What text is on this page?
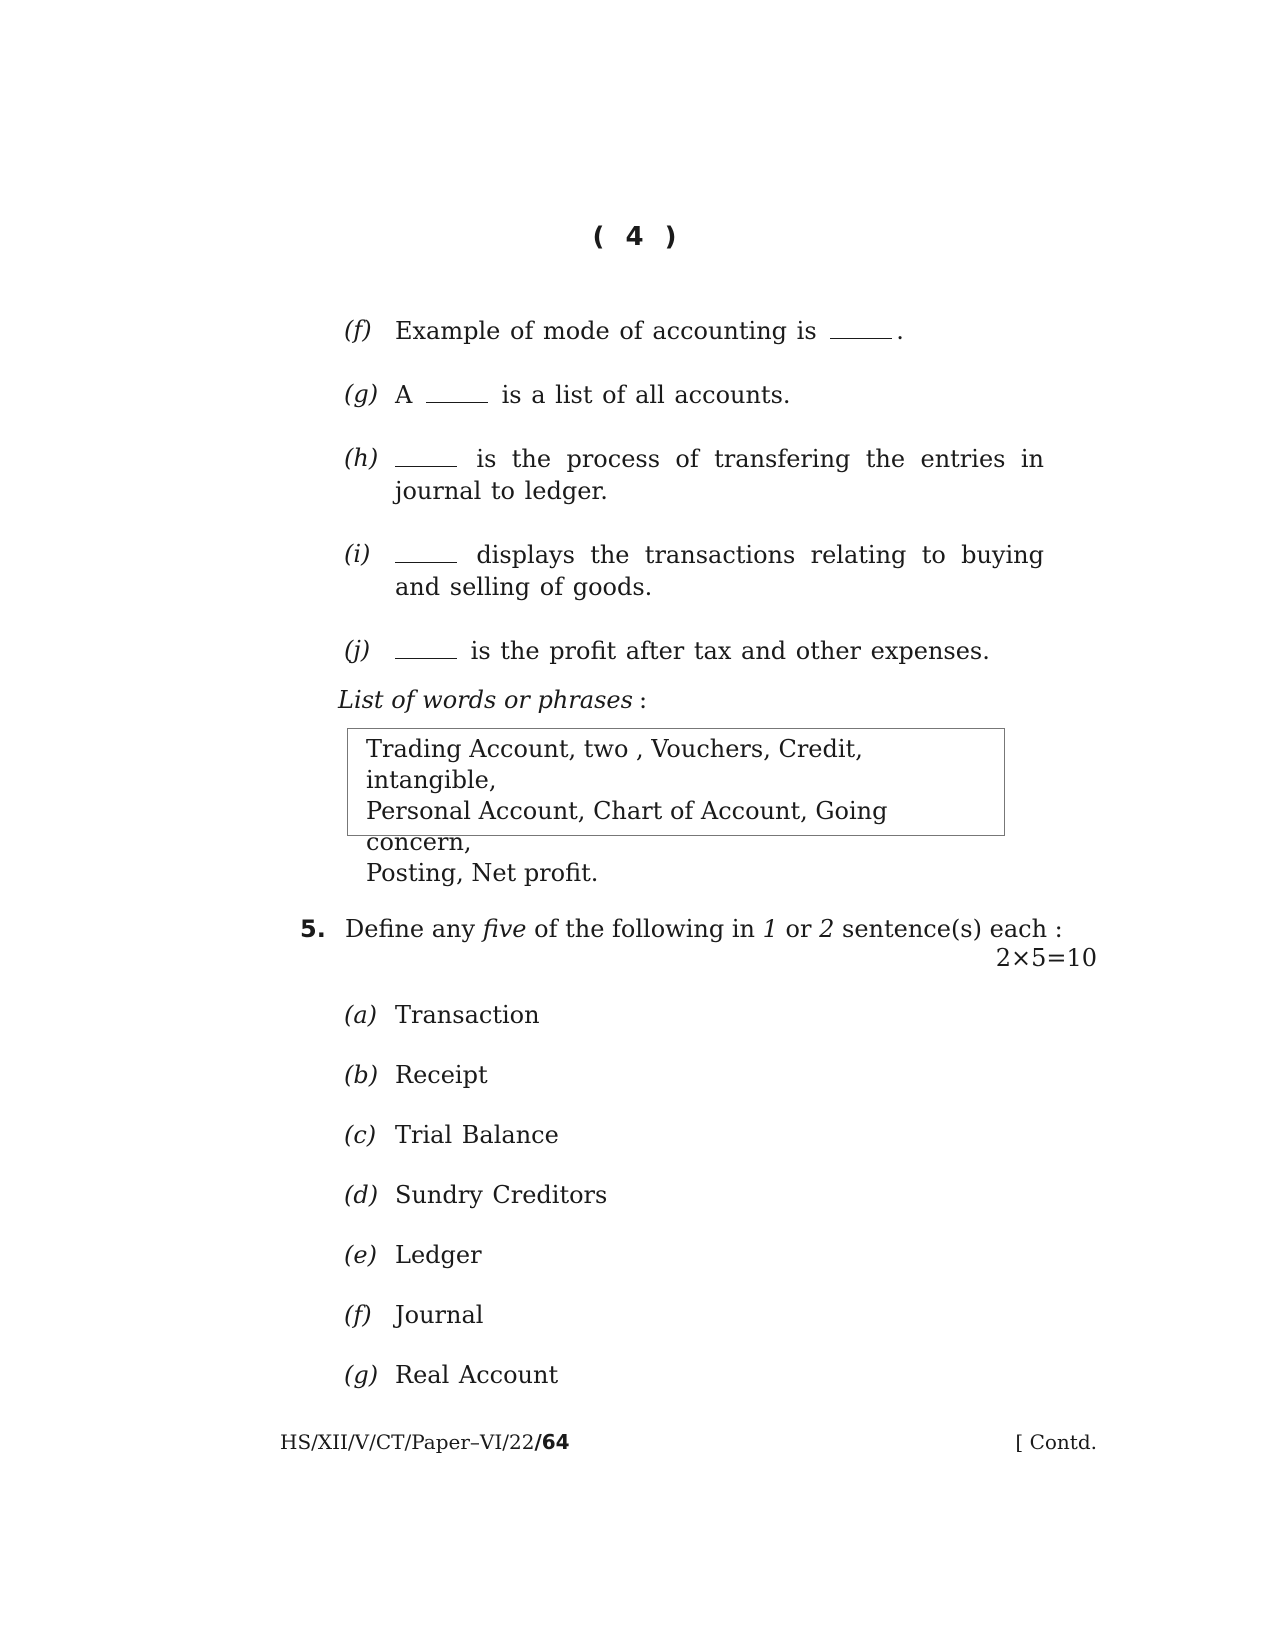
( 4 )
(f) Example of mode of accounting is	.
(g) A	is a list of all accounts.
(h)	is the process of transfering the entries in journal to ledger.
(i)	displays the transactions relating to buying and selling of goods.
(j)	is the profit after tax and other expenses.
List of words or phrases :
Trading Account, two , Vouchers, Credit, intangible,
Personal Account, Chart of Account, Going concern,
Posting, Net profit.
5. Define any five of the following in 1 or 2 sentence(s) each :
2×5=10
(a) Transaction
(b) Receipt
(c) Trial Balance
(d) Sundry Creditors
(e) Ledger
(f) Journal
(g) Real Account
HS/XII/V/CT/Paper–VI/22/64	[ Contd.
